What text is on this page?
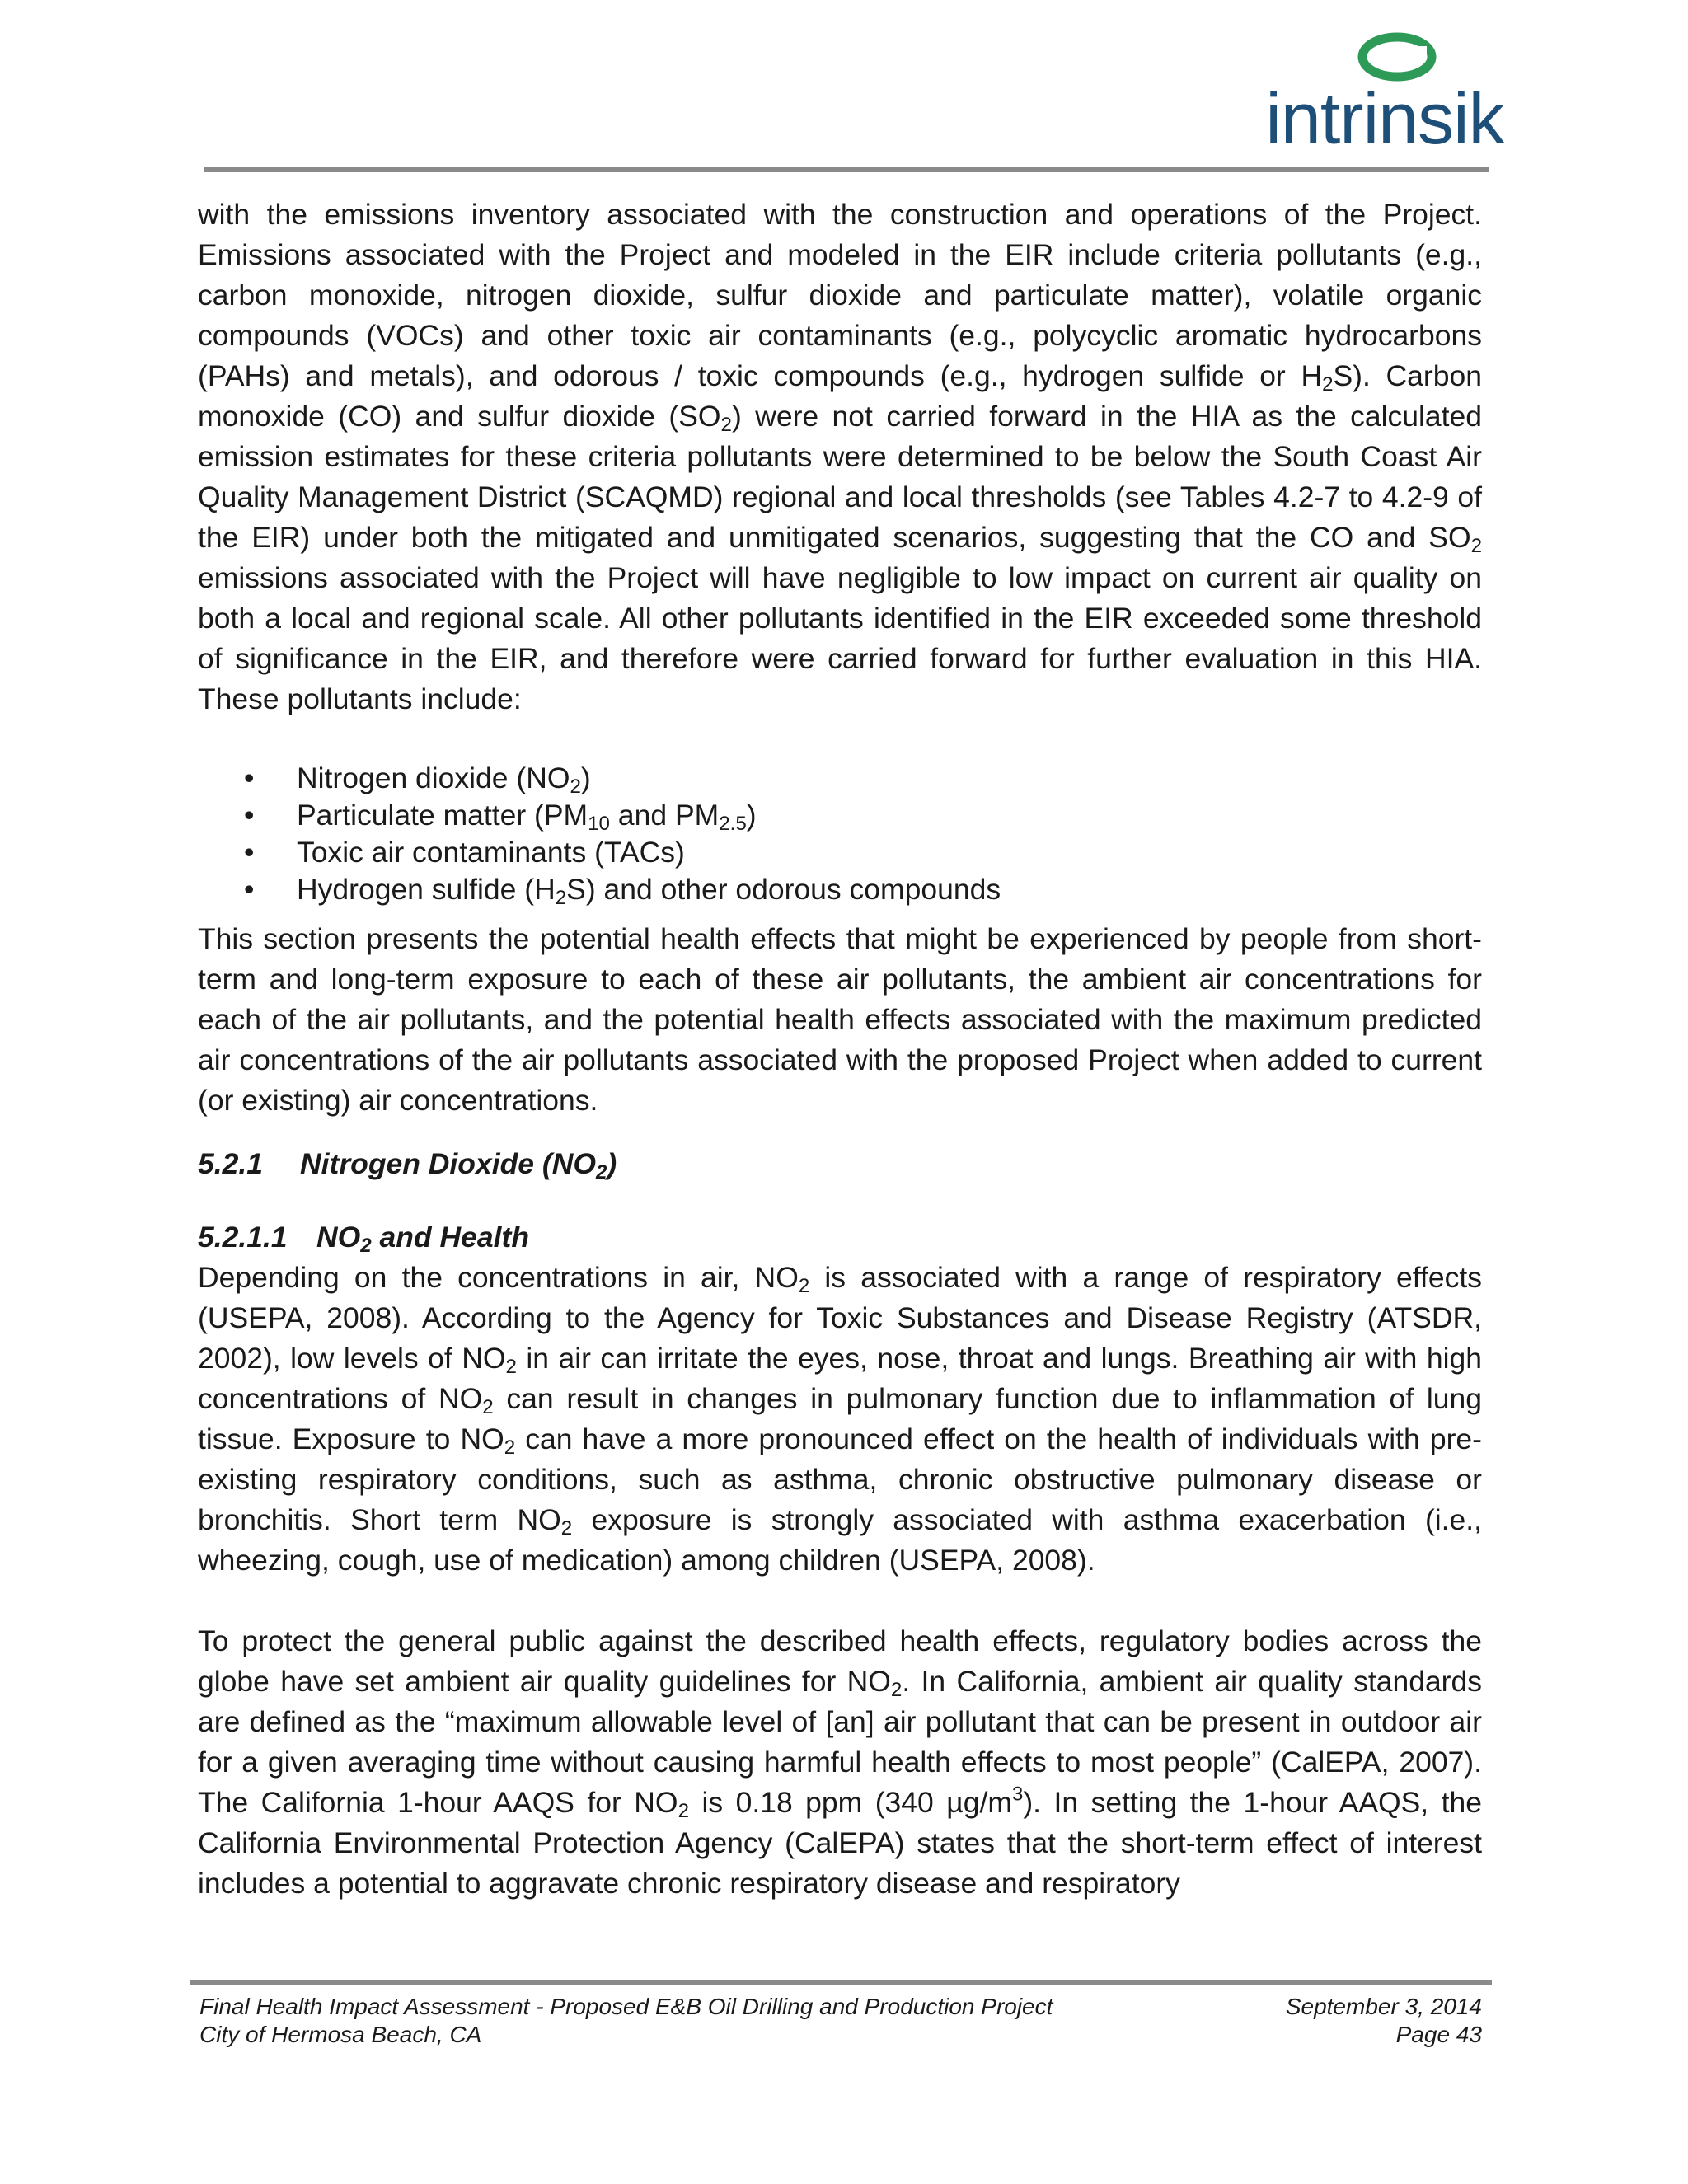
intrinsik

with the emissions inventory associated with the construction and operations of the Project. Emissions associated with the Project and modeled in the EIR include criteria pollutants (e.g., carbon monoxide, nitrogen dioxide, sulfur dioxide and particulate matter), volatile organic compounds (VOCs) and other toxic air contaminants (e.g., polycyclic aromatic hydrocarbons (PAHs) and metals), and odorous / toxic compounds (e.g., hydrogen sulfide or $H_2S$). Carbon monoxide (CO) and sulfur dioxide $(SO_2)$ were not carried forward in the HIA as the calculated emission estimates for these criteria pollutants were determined to be below the South Coast Air Quality Management District (SCAQMD) regional and local thresholds (see Tables 4.2-7 to 4.2-9 of the EIR) under both the mitigated and unmitigated scenarios, suggesting that the CO and $SO_2$ emissions associated with the Project will have negligible to low impact on current air quality on both a local and regional scale. All other pollutants identified in the EIR exceeded some threshold of significance in the EIR, and therefore were carried forward for further evaluation in this HIA. These pollutants include:

• Nitrogen dioxide $(NO_2)$
• Particulate matter ($PM_{10}$ and $PM_{2.5}$)
• Toxic air contaminants (TACs)
• Hydrogen sulfide $(H_2S)$ and other odorous compounds

This section presents the potential health effects that might be experienced by people from short-term and long-term exposure to each of these air pollutants, the ambient air concentrations for each of the air pollutants, and the potential health effects associated with the maximum predicted air concentrations of the air pollutants associated with the proposed Project when added to current (or existing) air concentrations.

5.2.1 Nitrogen Dioxide $(NO_2)$
5.2.1.1 $NO_2$ and Health

Depending on the concentrations in air, $NO_2$ is associated with a range of respiratory effects (USEPA, 2008). According to the Agency for Toxic Substances and Disease Registry (ATSDR, 2002), low levels of $NO_2$ in air can irritate the eyes, nose, throat and lungs. Breathing air with high concentrations of $NO_2$ can result in changes in pulmonary function due to inflammation of lung tissue. Exposure to $NO_2$ can have a more pronounced effect on the health of individuals with pre-existing respiratory conditions, such as asthma, chronic obstructive pulmonary disease or bronchitis. Short term $NO_2$ exposure is strongly associated with asthma exacerbation (i.e., wheezing, cough, use of medication) among children (USEPA, 2008).

To protect the general public against the described health effects, regulatory bodies across the globe have set ambient air quality guidelines for $NO_2$. In California, ambient air quality standards are defined as the “maximum allowable level of [an] air pollutant that can be present in outdoor air for a given averaging time without causing harmful health effects to most people” (CalEPA, 2007). The California 1-hour AAQS for $NO_2$ is 0.18 ppm (340 $\mu g/m^3$). In setting the 1-hour AAQS, the California Environmental Protection Agency (CalEPA) states that the short-term effect of interest includes a potential to aggravate chronic respiratory disease and respiratory

Final Health Impact Assessment - Proposed E&B Oil Drilling and Production Project	September 3, 2014
City of Hermosa Beach, CA	Page 43
